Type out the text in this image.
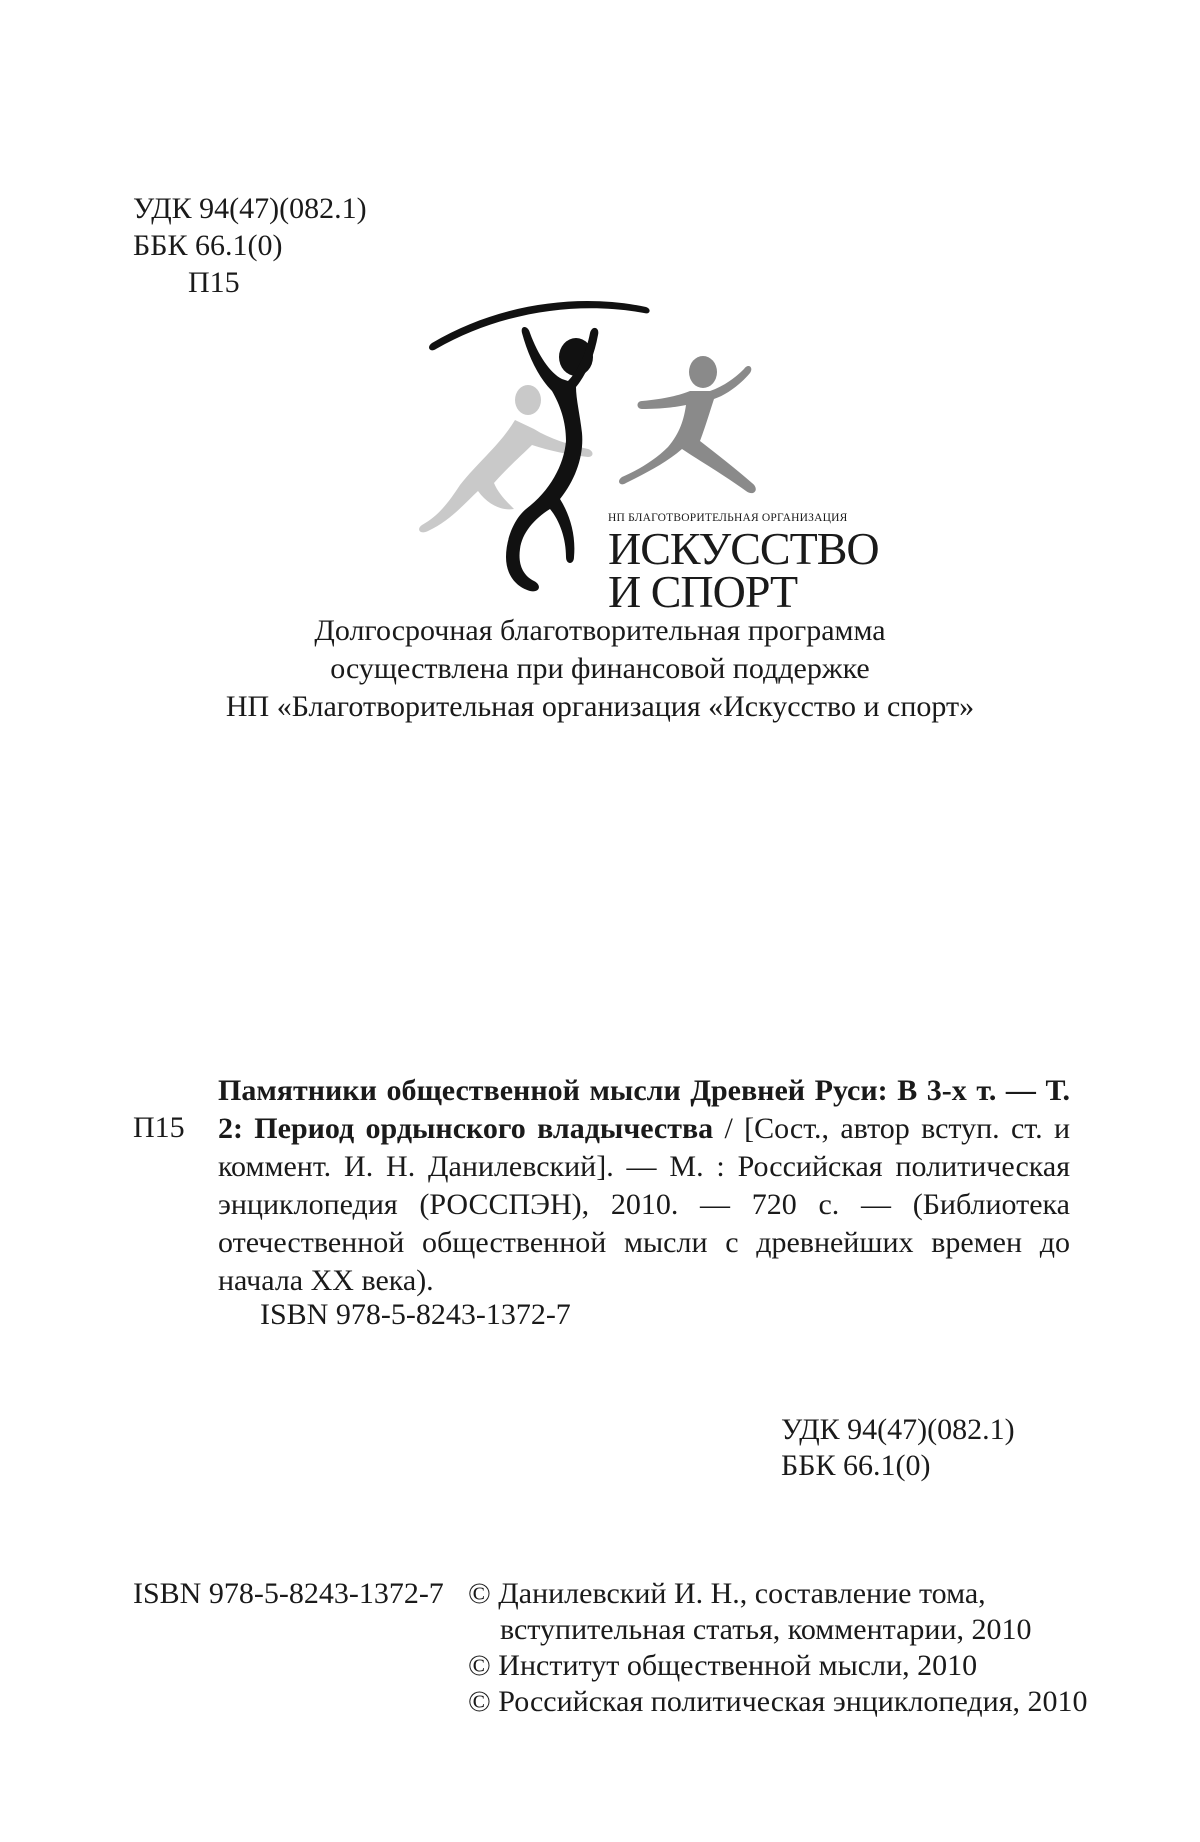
УДК 94(47)(082.1)
ББК 66.1(0)
П15
НП БЛАГОТВОРИТЕЛЬНАЯ ОРГАНИЗАЦИЯ
ИСКУССТВО
И СПОРТ
Долгосрочная благотворительная программа
осуществлена при финансовой поддержке
НП «Благотворительная организация «Искусство и спорт»
П15
Памятники общественной мысли Древней Руси: В 3-х т. — Т. 2: Период ордынского владычества / [Сост., автор вступ. ст. и коммент. И. Н. Данилевский]. — М. : Российская политическая энциклопедия (РОССПЭН), 2010. — 720 с. — (Библиотека отечественной общественной мысли с древнейших времен до начала XX века).
ISBN 978-5-8243-1372-7
УДК 94(47)(082.1)
ББК 66.1(0)
ISBN 978-5-8243-1372-7 © Данилевский И. Н., составление тома,
вступительная статья, комментарии, 2010
© Институт общественной мысли, 2010
© Российская политическая энциклопедия, 2010
